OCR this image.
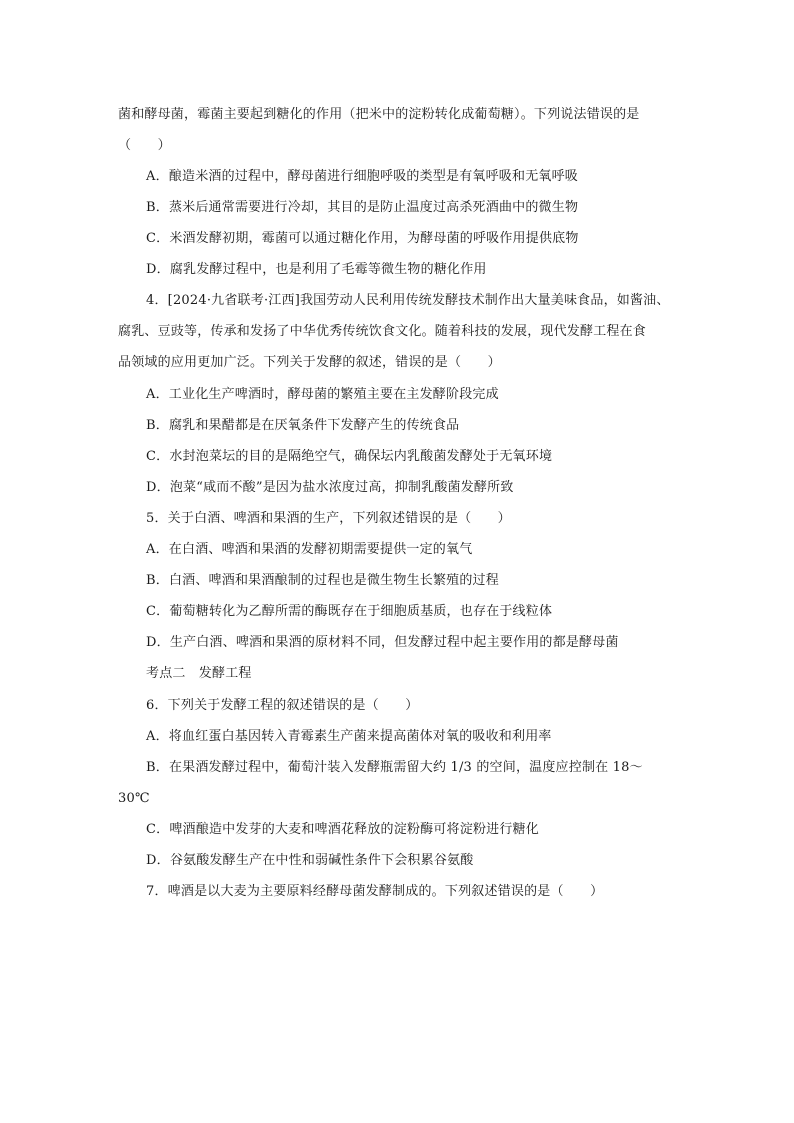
菌和酵母菌，霉菌主要起到糖化的作用（把米中的淀粉转化成葡萄糖）。下列说法错误的是
（　　）
A．酿造米酒的过程中，酵母菌进行细胞呼吸的类型是有氧呼吸和无氧呼吸
B．蒸米后通常需要进行冷却，其目的是防止温度过高杀死酒曲中的微生物
C．米酒发酵初期，霉菌可以通过糖化作用，为酵母菌的呼吸作用提供底物
D．腐乳发酵过程中，也是利用了毛霉等微生物的糖化作用
4．[2024·九省联考·江西]我国劳动人民利用传统发酵技术制作出大量美味食品，如酱油、
腐乳、豆豉等，传承和发扬了中华优秀传统饮食文化。随着科技的发展，现代发酵工程在食
品领域的应用更加广泛。下列关于发酵的叙述，错误的是（　　）
A．工业化生产啤酒时，酵母菌的繁殖主要在主发酵阶段完成
B．腐乳和果醋都是在厌氧条件下发酵产生的传统食品
C．水封泡菜坛的目的是隔绝空气，确保坛内乳酸菌发酵处于无氧环境
D．泡菜“咸而不酸”是因为盐水浓度过高，抑制乳酸菌发酵所致
5．关于白酒、啤酒和果酒的生产，下列叙述错误的是（　　）
A．在白酒、啤酒和果酒的发酵初期需要提供一定的氧气
B．白酒、啤酒和果酒酿制的过程也是微生物生长繁殖的过程
C．葡萄糖转化为乙醇所需的酶既存在于细胞质基质，也存在于线粒体
D．生产白酒、啤酒和果酒的原材料不同，但发酵过程中起主要作用的都是酵母菌
考点二　发酵工程
6．下列关于发酵工程的叙述错误的是（　　）
A．将血红蛋白基因转入青霉素生产菌来提高菌体对氧的吸收和利用率
B．在果酒发酵过程中，葡萄汁装入发酵瓶需留大约 1/3 的空间，温度应控制在 18～
30℃
C．啤酒酿造中发芽的大麦和啤酒花释放的淀粉酶可将淀粉进行糖化
D．谷氨酸发酵生产在中性和弱碱性条件下会积累谷氨酸
7．啤酒是以大麦为主要原料经酵母菌发酵制成的。下列叙述错误的是（　　）
